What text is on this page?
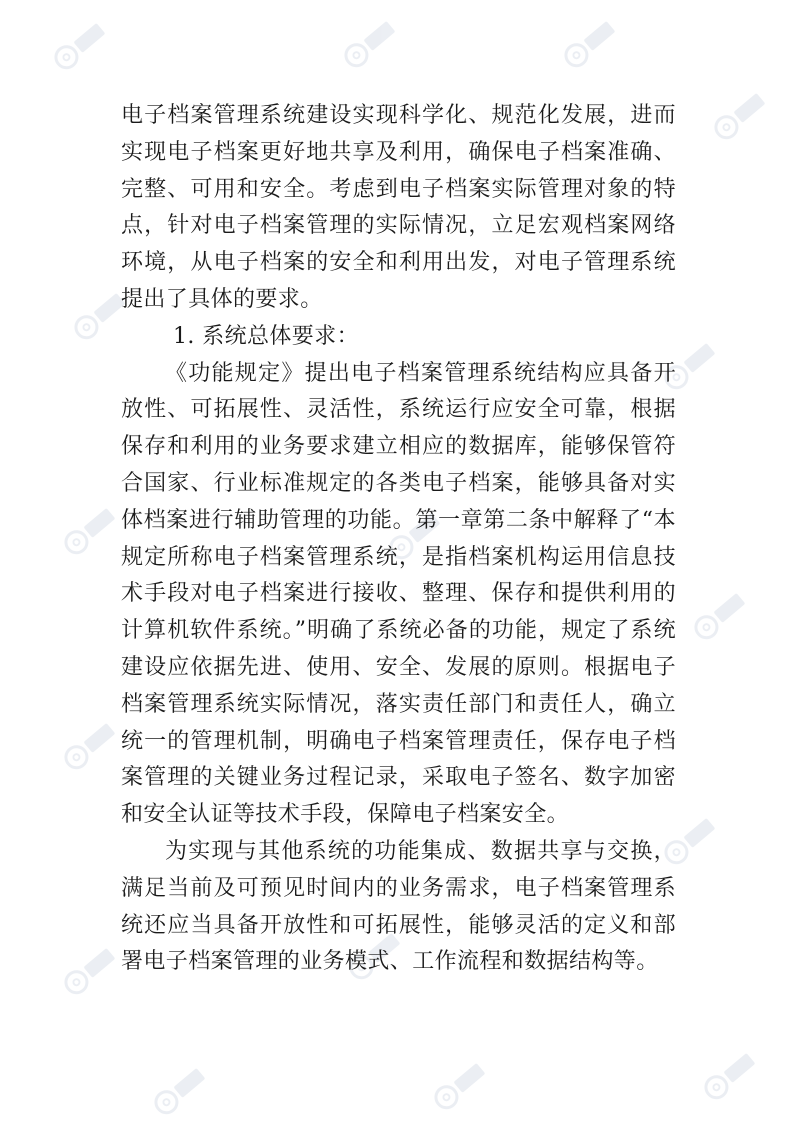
电子档案管理系统建设实现科学化、规范化发展，进而实现电子档案更好地共享及利用，确保电子档案准确、完整、可用和安全。考虑到电子档案实际管理对象的特点，针对电子档案管理的实际情况，立足宏观档案网络环境，从电子档案的安全和利用出发，对电子管理系统提出了具体的要求。

1. 系统总体要求：

《功能规定》提出电子档案管理系统结构应具备开放性、可拓展性、灵活性，系统运行应安全可靠，根据保存和利用的业务要求建立相应的数据库，能够保管符合国家、行业标准规定的各类电子档案，能够具备对实体档案进行辅助管理的功能。第一章第二条中解释了“本规定所称电子档案管理系统，是指档案机构运用信息技术手段对电子档案进行接收、整理、保存和提供利用的计算机软件系统。”明确了系统必备的功能，规定了系统建设应依据先进、使用、安全、发展的原则。根据电子档案管理系统实际情况，落实责任部门和责任人，确立统一的管理机制，明确电子档案管理责任，保存电子档案管理的关键业务过程记录，采取电子签名、数字加密和安全认证等技术手段，保障电子档案安全。

为实现与其他系统的功能集成、数据共享与交换，满足当前及可预见时间内的业务需求，电子档案管理系统还应当具备开放性和可拓展性，能够灵活的定义和部署电子档案管理的业务模式、工作流程和数据结构等。
